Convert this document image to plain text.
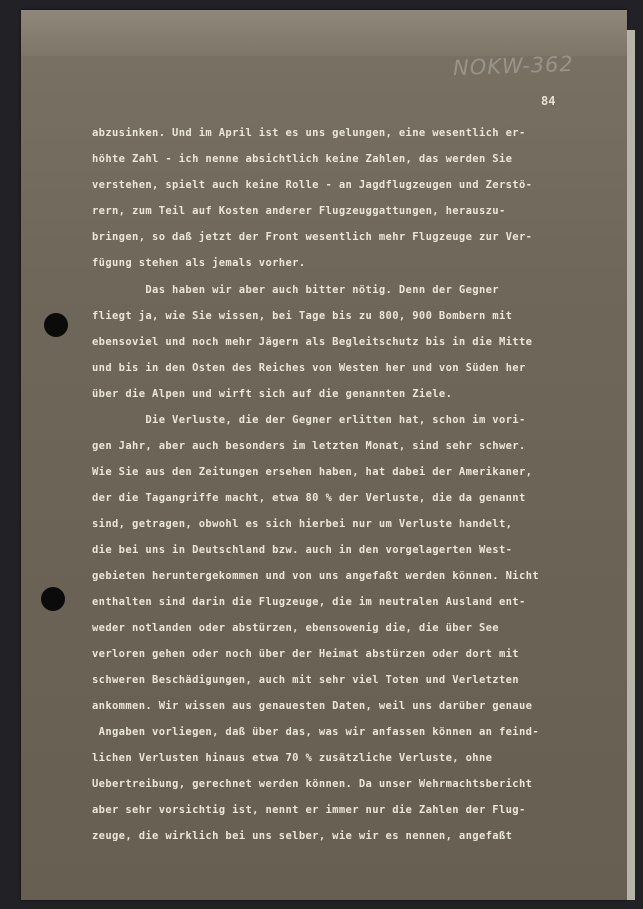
NOKW-362
84
abzusinken. Und im April ist es uns gelungen, eine wesentlich er-
höhte Zahl - ich nenne absichtlich keine Zahlen, das werden Sie
verstehen, spielt auch keine Rolle - an Jagdflugzeugen und Zerstö-
rern, zum Teil auf Kosten anderer Flugzeuggattungen, herauszu-
bringen, so daß jetzt der Front wesentlich mehr Flugzeuge zur Ver-
fügung stehen als jemals vorher.
Das haben wir aber auch bitter nötig. Denn der Gegner
fliegt ja, wie Sie wissen, bei Tage bis zu 800, 900 Bombern mit
ebensoviel und noch mehr Jägern als Begleitschutz bis in die Mitte
und bis in den Osten des Reiches von Westen her und von Süden her
über die Alpen und wirft sich auf die genannten Ziele.
Die Verluste, die der Gegner erlitten hat, schon im vori-
gen Jahr, aber auch besonders im letzten Monat, sind sehr schwer.
Wie Sie aus den Zeitungen ersehen haben, hat dabei der Amerikaner,
der die Tagangriffe macht, etwa 80 % der Verluste, die da genannt
sind, getragen, obwohl es sich hierbei nur um Verluste handelt,
die bei uns in Deutschland bzw. auch in den vorgelagerten West-
gebieten heruntergekommen und von uns angefaßt werden können. Nicht
enthalten sind darin die Flugzeuge, die im neutralen Ausland ent-
weder notlanden oder abstürzen, ebensowenig die, die über See
verloren gehen oder noch über der Heimat abstürzen oder dort mit
schweren Beschädigungen, auch mit sehr viel Toten und Verletzten
ankommen. Wir wissen aus genauesten Daten, weil uns darüber genaue
Angaben vorliegen, daß über das, was wir anfassen können an feind-
lichen Verlusten hinaus etwa 70 % zusätzliche Verluste, ohne
Uebertreibung, gerechnet werden können. Da unser Wehrmachtsbericht
aber sehr vorsichtig ist, nennt er immer nur die Zahlen der Flug-
zeuge, die wirklich bei uns selber, wie wir es nennen, angefaßt
